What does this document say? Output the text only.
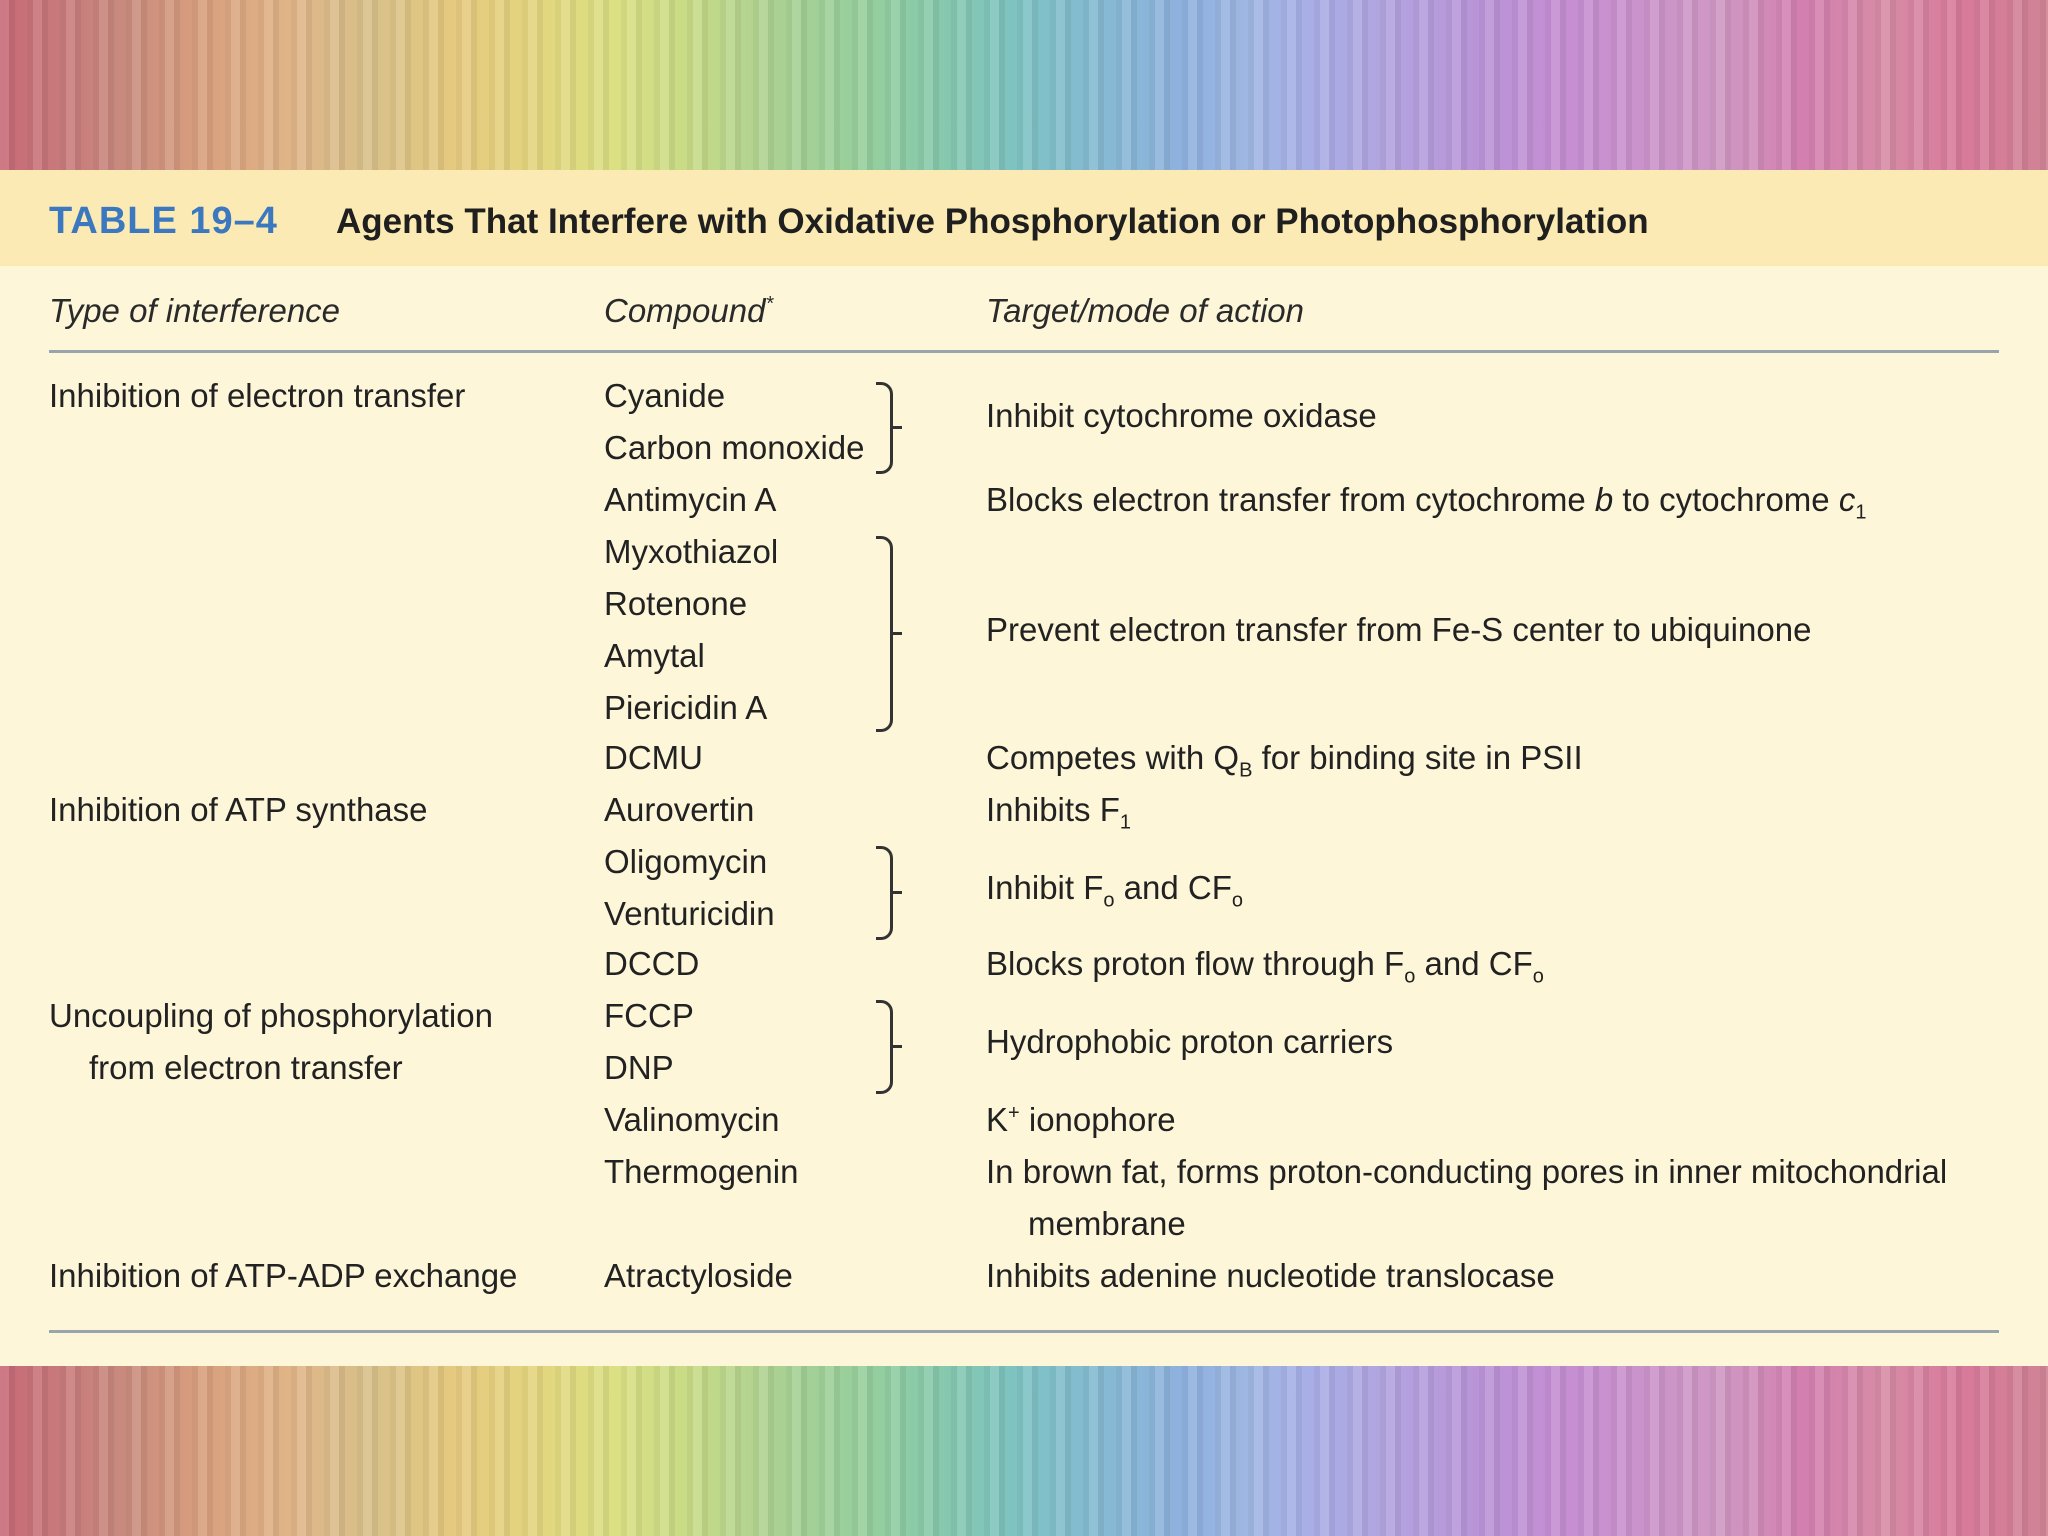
TABLE 19–4 Agents That Interfere with Oxidative Phosphorylation or Photophosphorylation
Type of interference	Compound*	Target/mode of action
Inhibition of electron transfer
Inhibition of ATP synthase
Uncoupling of phosphorylation
from electron transfer
Inhibition of ATP-ADP exchange
Cyanide
Carbon monoxide
Antimycin A
Myxothiazol
Rotenone
Amytal
Piericidin A
DCMU
Aurovertin
Oligomycin
Venturicidin
DCCD
FCCP
DNP
Valinomycin
Thermogenin
Atractyloside
Inhibit cytochrome oxidase
Blocks electron transfer from cytochrome b to cytochrome $c_1$
Prevent electron transfer from Fe-S center to ubiquinone
Competes with $Q_B$ for binding site in PSII
Inhibits $F_1$
Inhibit $F_o$ and $CF_o$
Blocks proton flow through $F_o$ and $CF_o$
Hydrophobic proton carriers
K+ ionophore
In brown fat, forms proton-conducting pores in inner mitochondrial
membrane
Inhibits adenine nucleotide translocase
